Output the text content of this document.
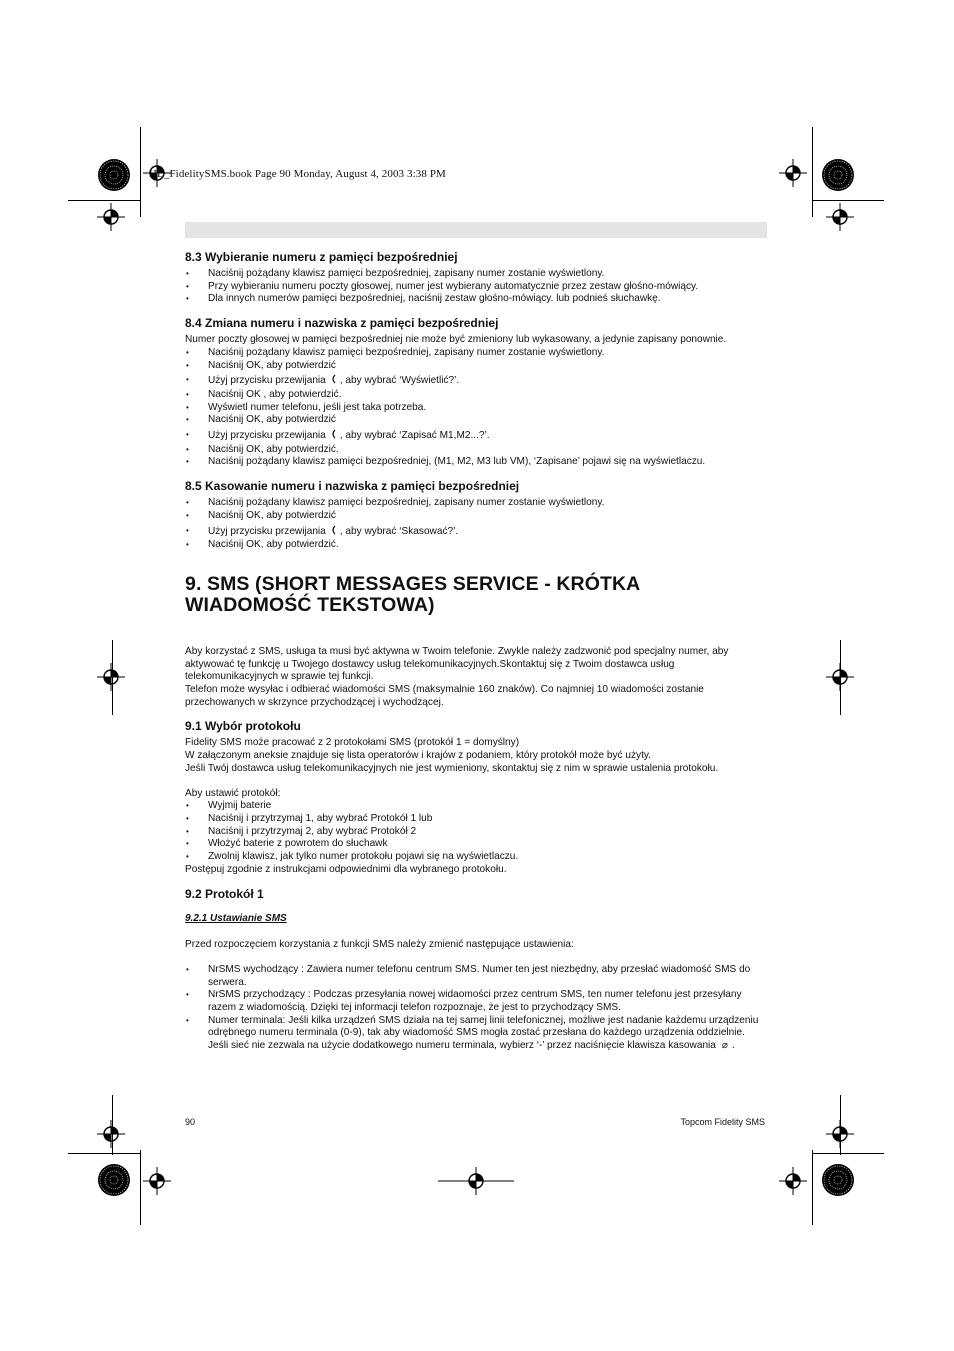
HL_FidelitySMS.book Page 90 Monday, August 4, 2003 3:38 PM
8.3 Wybieranie numeru z pamięci bezpośredniej
• Naciśnij pożądany klawisz pamięci bezpośredniej, zapisany numer zostanie wyświetlony.
• Przy wybieraniu numeru poczty głosowej, numer jest wybierany automatycznie przez zestaw głośno-mówiący.
• Dla innych numerów pamięci bezpośredniej, naciśnij zestaw głośno-mówiący. lub podnieś słuchawkę.
8.4 Zmiana numeru i nazwiska z pamięci bezpośredniej

Numer poczty głosowej w pamięci bezpośredniej nie może być zmieniony lub wykasowany, a jedynie zapisany ponownie.

• Naciśnij pożądany klawisz pamięci bezpośredniej, zapisany numer zostanie wyświetlony.
• Naciśnij OK, aby potwierdzić
• Użyj przycisku przewijania , aby wybrać ‘Wyświetlić?’.
• Naciśnij OK , aby potwierdzić.
• Wyświetl numer telefonu, jeśli jest taka potrzeba.
• Naciśnij OK, aby potwierdzić
• Użyj przycisku przewijania , aby wybrać ‘Zapisać M1,M2...?’.
• Naciśnij OK, aby potwierdzić.
• Naciśnij pożądany klawisz pamięci bezpośredniej, (M1, M2, M3 lub VM), ‘Zapisane’ pojawi się na wyświetlaczu.
8.5 Kasowanie numeru i nazwiska z pamięci bezpośredniej
• Naciśnij pożądany klawisz pamięci bezpośredniej, zapisany numer zostanie wyświetlony.
• Naciśnij OK, aby potwierdzić
• Użyj przycisku przewijania , aby wybrać ‘Skasować?’.
• Naciśnij OK, aby potwierdzić.
9. SMS (SHORT MESSAGES SERVICE - KRÓTKA WIADOMOŚĆ TEKSTOWA)

Aby korzystać z SMS, usługa ta musi być aktywna w Twoim telefonie. Zwykle należy zadzwonić pod specjalny numer, aby aktywować tę funkcję u Twojego dostawcy usług telekomunikacyjnych.Skontaktuj się z Twoim dostawca usług telekomunikacyjnych w sprawie tej funkcji.

Telefon może wysyłac i odbierać wiadomości SMS (maksymalnie 160 znaków). Co najmniej 10 wiadomości zostanie przechowanych w skrzynce przychodzącej i wychodzącej.

9.1 Wybór protokołu

Fidelity SMS może pracować z 2 protokołami SMS (protokół 1 = domyślny)

W załączonym aneksie znajduje się lista operatorów i krajów z podaniem, który protokół może być użyty.

Jeśli Twój dostawca usług telekomunikacyjnych nie jest wymieniony, skontaktuj się z nim w sprawie ustalenia protokołu.

Aby ustawić protokół:

• Wyjmij baterie
• Naciśnij i przytrzymaj 1, aby wybrać Protokół 1 lub
• Naciśnij i przytrzymaj 2, aby wybrać Protokół 2
• Włożyć baterie z powrotem do słuchawk
• Zwolnij klawisz, jak tylko numer protokołu pojawi się na wyświetlaczu.

Postępuj zgodnie z instrukcjami odpowiednimi dla wybranego protokołu.

9.2 Protokół 1
9.2.1 Ustawianie SMS

Przed rozpoczęciem korzystania z funkcji SMS należy zmienić następujące ustawienia:

• NrSMS wychodzący : Zawiera numer telefonu centrum SMS. Numer ten jest niezbędny, aby przesłać wiadomość SMS do serwera.
• NrSMS przychodzący : Podczas przesyłania nowej widaomości przez centrum SMS, ten numer telefonu jest przesyłany razem z wiadomością. Dzięki tej informacji telefon rozpoznaje, że jest to przychodzący SMS.
• Numer terminala: Jeśli kilka urządzeń SMS działa na tej samej linii telefonicznej, możliwe jest nadanie każdemu urządzeniu odrębnego numeru terminala (0-9), tak aby wiadomość SMS mogła zostać przesłana do każdego urządzenia oddzielnie. Jeśli sieć nie zezwala na użycie dodatkowego numeru terminala, wybierz ‘-’ przez naciśnięcie klawisza kasowania ⌀ .
90	Topcom Fidelity SMS
